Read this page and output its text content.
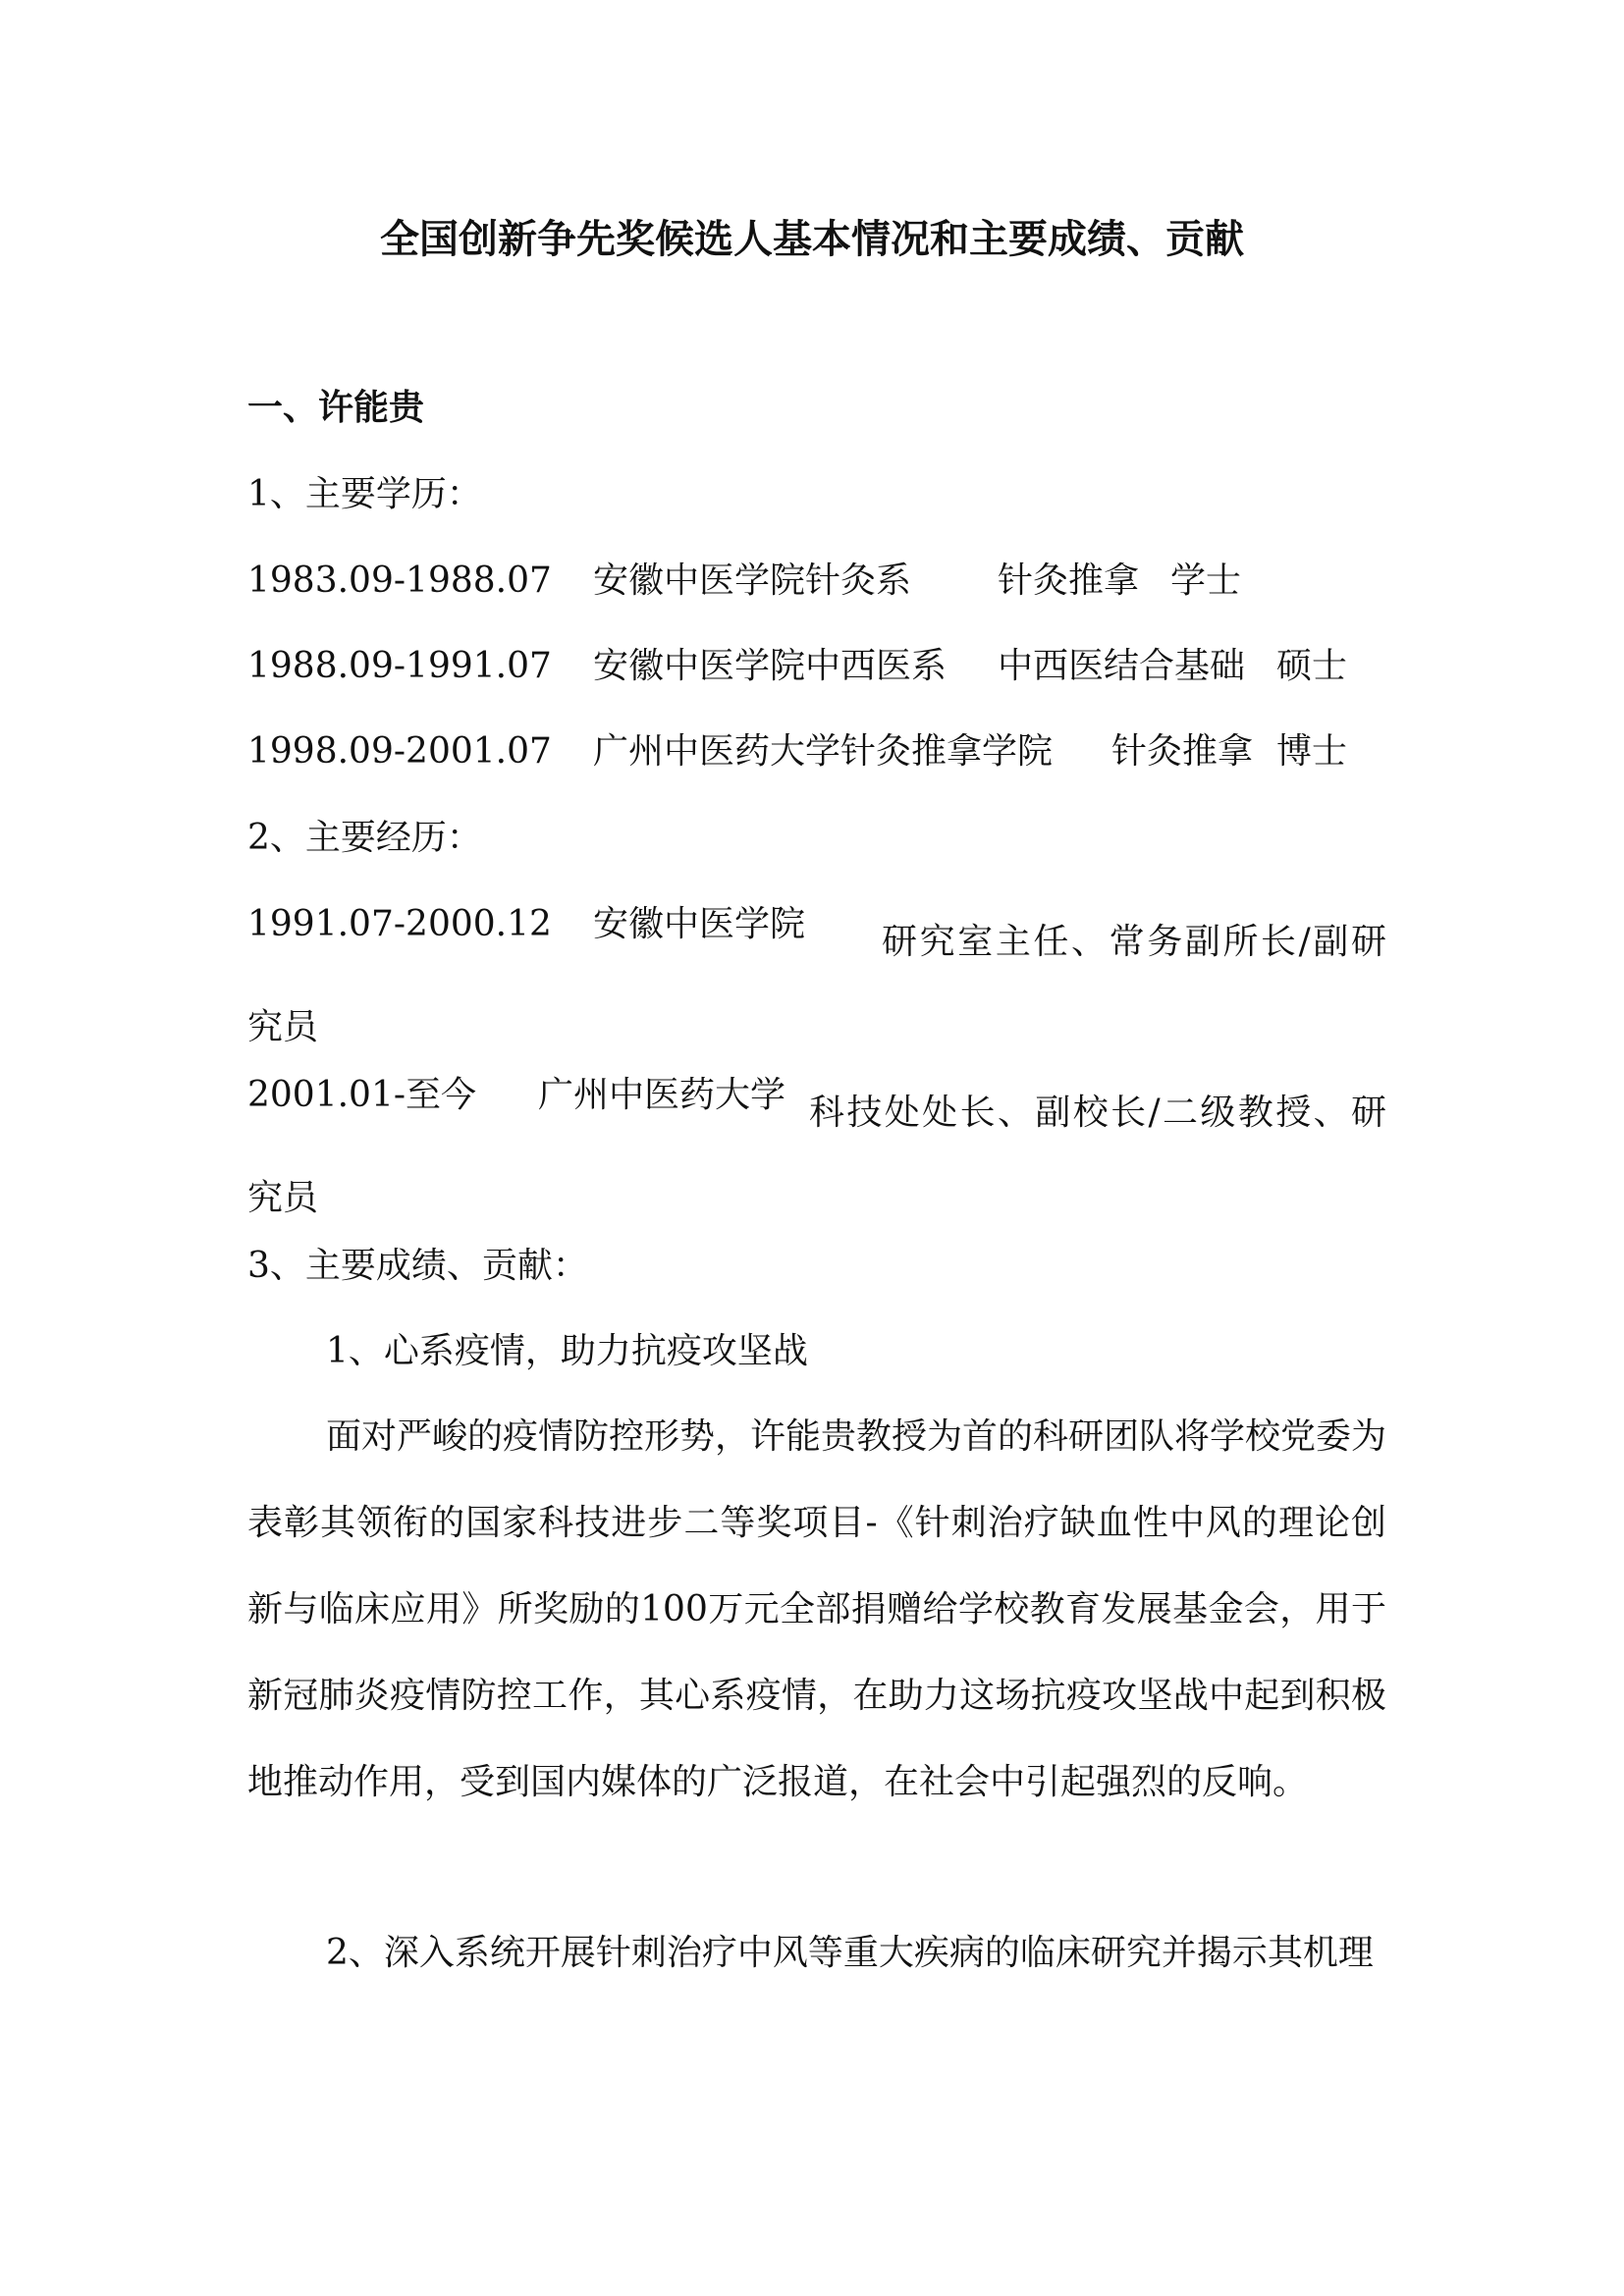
全国创新争先奖候选人基本情况和主要成绩、贡献
一、许能贵
1、主要学历：
1983.09-1988.07 安徽中医学院针灸系 针灸推拿 学士
1988.09-1991.07 安徽中医学院中西医系 中西医结合基础 硕士
1998.09-2001.07 广州中医药大学针灸推拿学院 针灸推拿 博士
2、主要经历：
1991.07-2000.12 安徽中医学院	研究室主任、常务副所长/副研究员
2001.01-至今 广州中医药大学 科技处处长、副校长/二级教授、研究员
3、主要成绩、贡献：
1、心系疫情，助力抗疫攻坚战
面对严峻的疫情防控形势，许能贵教授为首的科研团队将学校党委为表彰其领衔的国家科技进步二等奖项目-《针刺治疗缺血性中风的理论创新与临床应用》所奖励的100万元全部捐赠给学校教育发展基金会，用于新冠肺炎疫情防控工作，其心系疫情，在助力这场抗疫攻坚战中起到积极地推动作用，受到国内媒体的广泛报道，在社会中引起强烈的反响。
2、深入系统开展针刺治疗中风等重大疾病的临床研究并揭示其机理
